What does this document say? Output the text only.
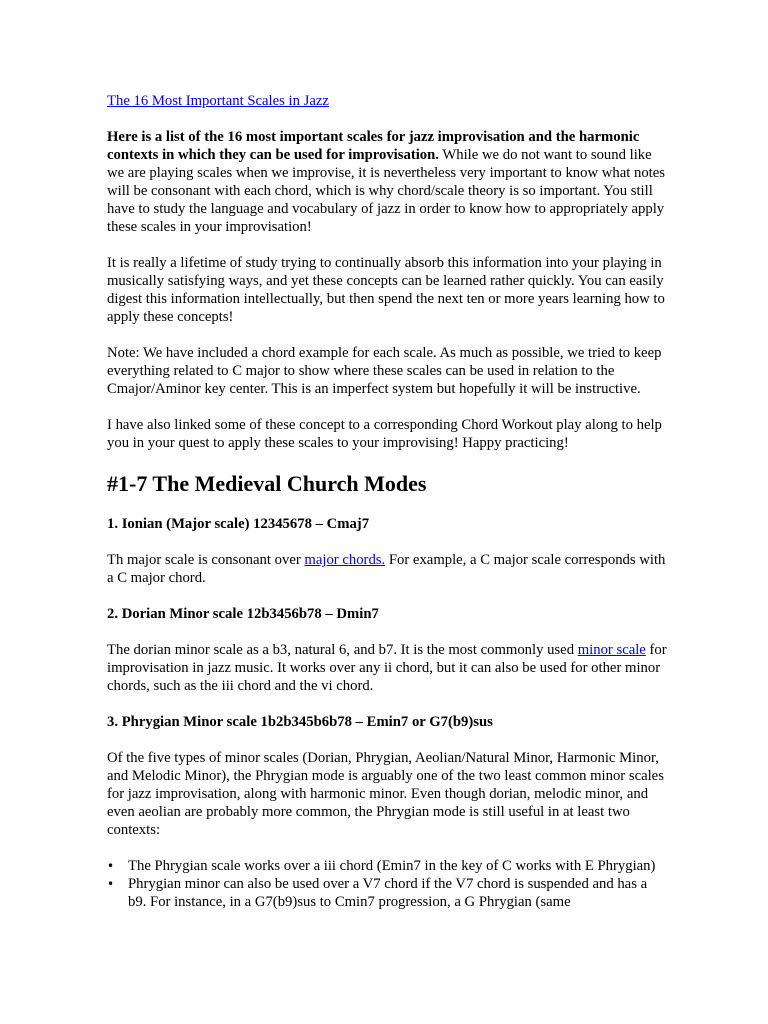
The 16 Most Important Scales in Jazz

Here is a list of the 16 most important scales for jazz improvisation and the harmonic contexts in which they can be used for improvisation. While we do not want to sound like we are playing scales when we improvise, it is nevertheless very important to know what notes will be consonant with each chord, which is why chord/scale theory is so important. You still have to study the language and vocabulary of jazz in order to know how to appropriately apply these scales in your improvisation!

It is really a lifetime of study trying to continually absorb this information into your playing in musically satisfying ways, and yet these concepts can be learned rather quickly. You can easily digest this information intellectually, but then spend the next ten or more years learning how to apply these concepts!

Note: We have included a chord example for each scale. As much as possible, we tried to keep everything related to C major to show where these scales can be used in relation to the Cmajor/Aminor key center. This is an imperfect system but hopefully it will be instructive.

I have also linked some of these concept to a corresponding Chord Workout play along to help you in your quest to apply these scales to your improvising! Happy practicing!

#1-7 The Medieval Church Modes

1. Ionian (Major scale) 12345678 – Cmaj7

Th major scale is consonant over major chords. For example, a C major scale corresponds with a C major chord.

2. Dorian Minor scale 12b3456b78 – Dmin7

The dorian minor scale as a b3, natural 6, and b7. It is the most commonly used minor scale for improvisation in jazz music. It works over any ii chord, but it can also be used for other minor chords, such as the iii chord and the vi chord.

3. Phrygian Minor scale 1b2b345b6b78 – Emin7 or G7(b9)sus

Of the five types of minor scales (Dorian, Phrygian, Aeolian/Natural Minor, Harmonic Minor, and Melodic Minor), the Phrygian mode is arguably one of the two least common minor scales for jazz improvisation, along with harmonic minor. Even though dorian, melodic minor, and even aeolian are probably more common, the Phrygian mode is still useful in at least two contexts:

• The Phrygian scale works over a iii chord (Emin7 in the key of C works with E Phrygian)
• Phrygian minor can also be used over a V7 chord if the V7 chord is suspended and has a b9. For instance, in a G7(b9)sus to Cmin7 progression, a G Phrygian (same
